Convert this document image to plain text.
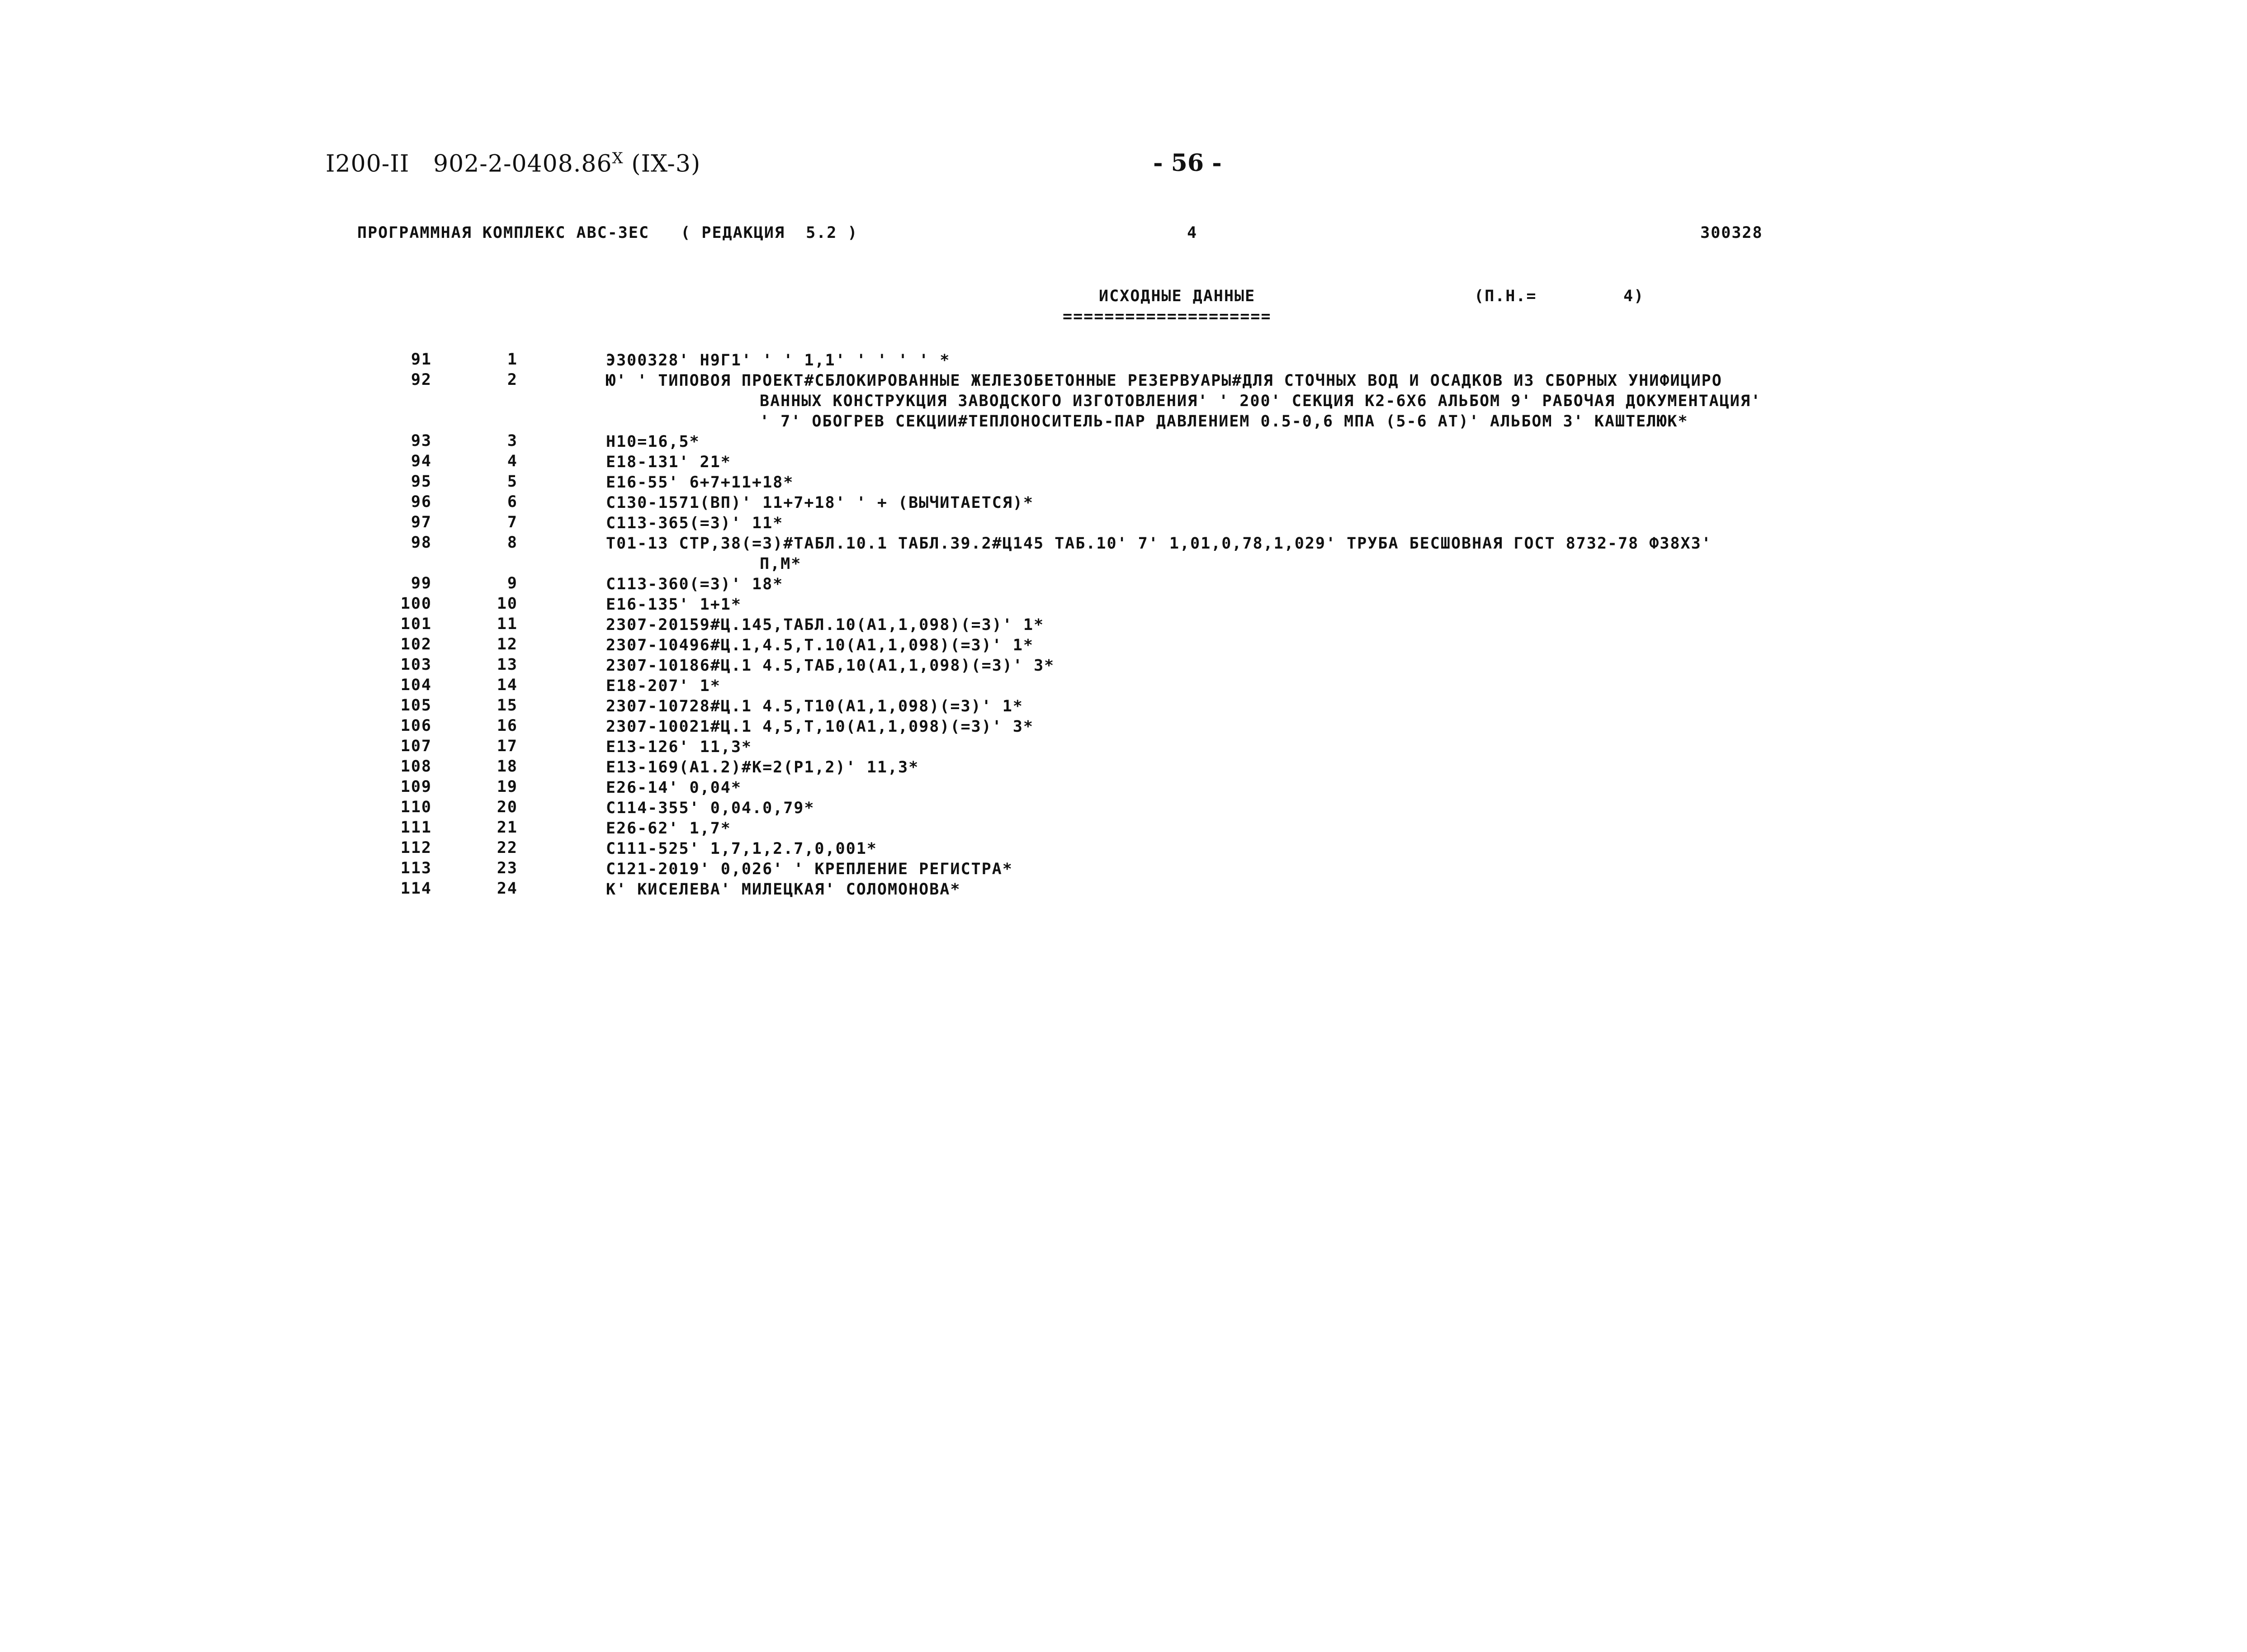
I200-II   $902-2-0408.86^X$ (IX-3)	- 56 -
ПРОГРАММНАЯ КОМПЛЕКС АВС-ЗЕС   ( РЕДАКЦИЯ  5.2 )	4	300328
ИСХОДНЫЕ ДАННЫЕ
====================
(П.Н.=	4)
91	1	Э300328' Н9Г1' ' ' 1,1' ' ' ' ' *
92	2	Ю' ' ТИПОВОЯ ПРОЕКТ#СБЛОКИРОВАННЫЕ ЖЕЛЕЗОБЕТОННЫЕ РЕЗЕРВУАРЫ#ДЛЯ СТОЧНЫХ ВОД И ОСАДКОВ ИЗ СБОРНЫХ УНИФИЦИРО
ВАННЫХ КОНСТРУКЦИЯ ЗАВОДСКОГО ИЗГОТОВЛЕНИЯ' ' 200' СЕКЦИЯ К2-6Х6 АЛЬБОМ 9' РАБОЧАЯ ДОКУМЕНТАЦИЯ'
' 7' ОБОГРЕВ СЕКЦИИ#ТЕПЛОНОСИТЕЛЬ-ПАР ДАВЛЕНИЕМ 0.5-0,6 МПА (5-6 АТ)' АЛЬБОМ 3' КАШТЕЛЮК*
93	3	Н10=16,5*
94	4	Е18-131' 21*
95	5	Е16-55' 6+7+11+18*
96	6	С130-1571(ВП)' 11+7+18' ' + (ВЫЧИТАЕТСЯ)*
97	7	С113-365(=3)' 11*
98	8	Т01-13 СТР,38(=3)#ТАБЛ.10.1 ТАБЛ.39.2#Ц145 ТАБ.10' 7' 1,01,0,78,1,029' ТРУБА БЕСШОВНАЯ ГОСТ 8732-78 Ф38Х3'
П,М*
99	9	С113-360(=3)' 18*
100	10	Е16-135' 1+1*
101	11	2307-20159#Ц.145,ТАБЛ.10(А1,1,098)(=3)' 1*
102	12	2307-10496#Ц.1,4.5,Т.10(А1,1,098)(=3)' 1*
103	13	2307-10186#Ц.1 4.5,ТАБ,10(А1,1,098)(=3)' 3*
104	14	Е18-207' 1*
105	15	2307-10728#Ц.1 4.5,Т10(А1,1,098)(=3)' 1*
106	16	2307-10021#Ц.1 4,5,Т,10(А1,1,098)(=3)' 3*
107	17	Е13-126' 11,3*
108	18	Е13-169(А1.2)#К=2(Р1,2)' 11,3*
109	19	Е26-14' 0,04*
110	20	С114-355' 0,04.0,79*
111	21	Е26-62' 1,7*
112	22	С111-525' 1,7,1,2.7,0,001*
113	23	С121-2019' 0,026' ' КРЕПЛЕНИЕ РЕГИСТРА*
114	24	К' КИСЕЛЕВА' МИЛЕЦКАЯ' СОЛОМОНОВА*
